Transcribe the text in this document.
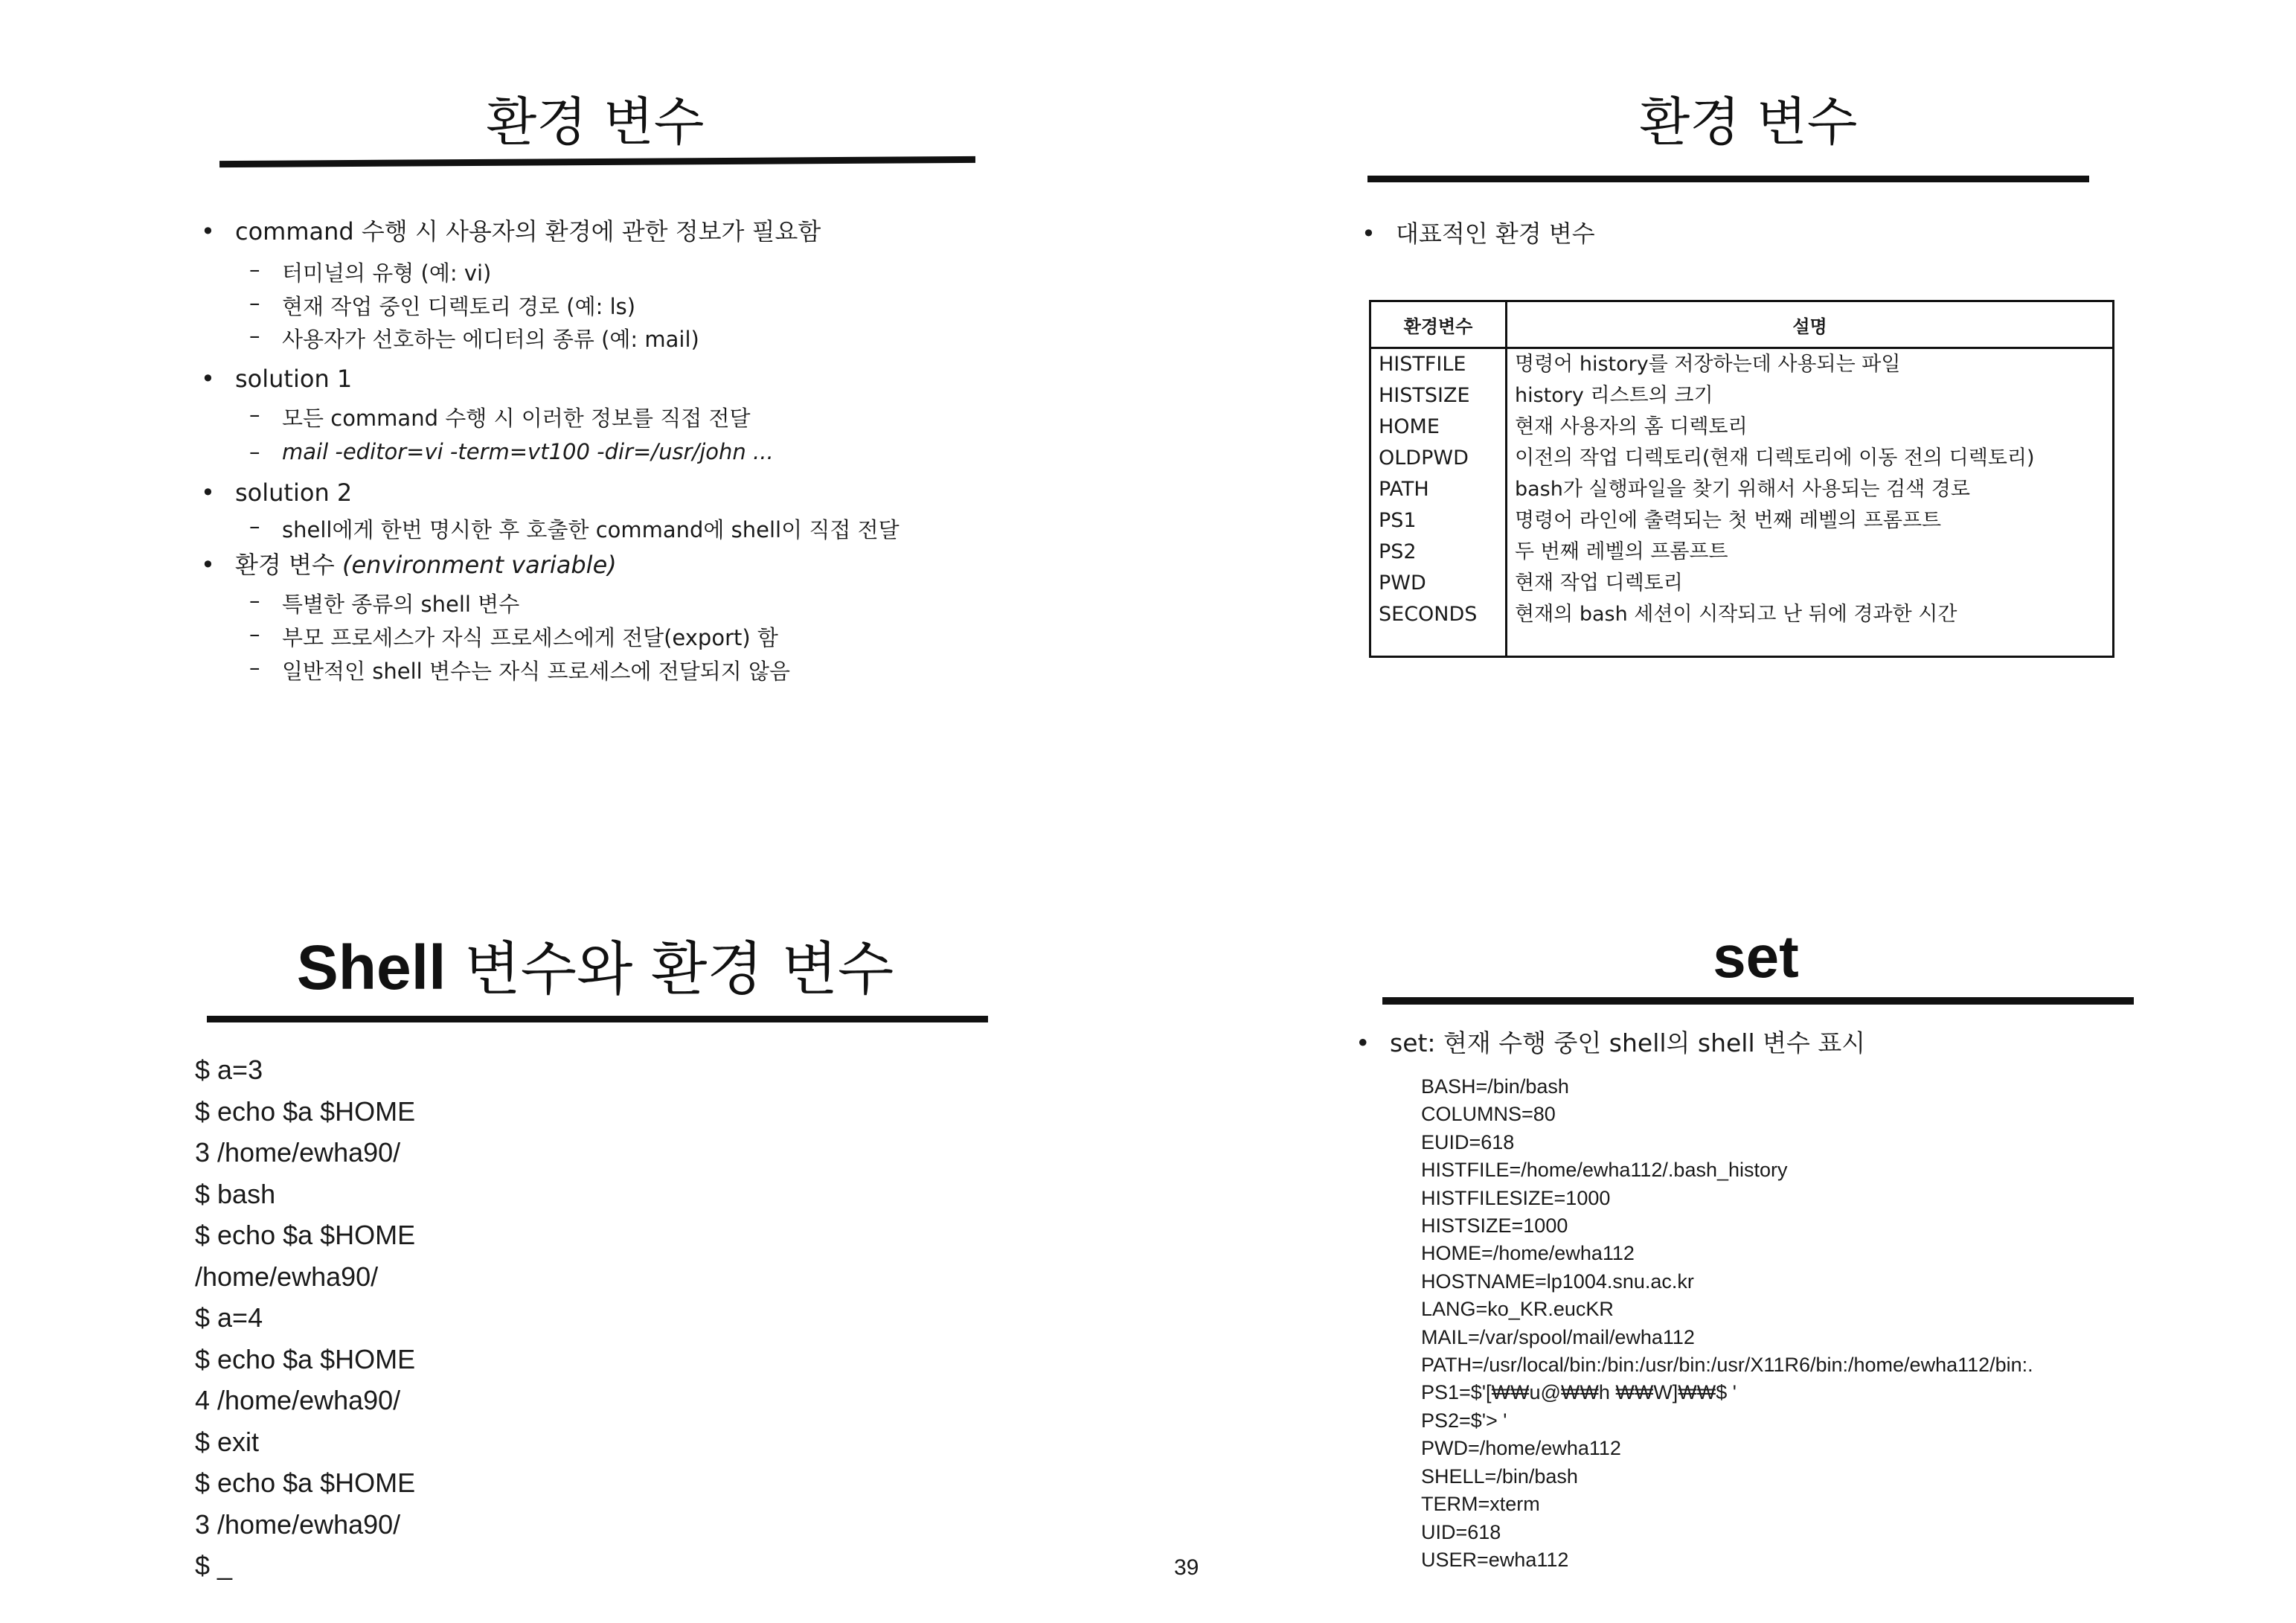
환경 변수
• command 수행 시 사용자의 환경에 관한 정보가 필요함
– 터미널의 유형 (예: vi)
– 현재 작업 중인 디렉토리 경로 (예: ls)
– 사용자가 선호하는 에디터의 종류 (예: mail)
• solution 1
– 모든 command 수행 시 이러한 정보를 직접 전달
– mail -editor=vi -term=vt100 -dir=/usr/john ...
• solution 2
– shell에게 한번 명시한 후 호출한 command에 shell이 직접 전달
• 환경 변수 (environment variable)
– 특별한 종류의 shell 변수
– 부모 프로세스가 자식 프로세스에게 전달(export) 함
– 일반적인 shell 변수는 자식 프로세스에 전달되지 않음
환경 변수
• 대표적인 환경 변수
환경변수	설명
HISTFILE	명령어 history를 저장하는데 사용되는 파일
HISTSIZE	history 리스트의 크기
HOME	현재 사용자의 홈 디렉토리
OLDPWD	이전의 작업 디렉토리(현재 디렉토리에 이동 전의 디렉토리)
PATH	bash가 실행파일을 찾기 위해서 사용되는 검색 경로
PS1	명령어 라인에 출력되는 첫 번째 레벨의 프롬프트
PS2	두 번째 레벨의 프롬프트
PWD	현재 작업 디렉토리
SECONDS	현재의 bash 세션이 시작되고 난 뒤에 경과한 시간

Shell 변수와 환경 변수
$ a=3
$ echo $a $HOME
3 /home/ewha90/
$ bash
$ echo $a $HOME
/home/ewha90/
$ a=4
$ echo $a $HOME
4 /home/ewha90/
$ exit
$ echo $a $HOME
3 /home/ewha90/
$ _
set
• set: 현재 수행 중인 shell의 shell 변수 표시
BASH=/bin/bash
COLUMNS=80
EUID=618
HISTFILE=/home/ewha112/.bash_history
HISTFILESIZE=1000
HISTSIZE=1000
HOME=/home/ewha112
HOSTNAME=lp1004.snu.ac.kr
LANG=ko_KR.eucKR
MAIL=/var/spool/mail/ewha112
PATH=/usr/local/bin:/bin:/usr/bin:/usr/X11R6/bin:/home/ewha112/bin:.
PS1=$'[₩₩u@₩₩h ₩₩W]₩₩$ '
PS2=$'> '
PWD=/home/ewha112
SHELL=/bin/bash
TERM=xterm
UID=618
USER=ewha112
39
